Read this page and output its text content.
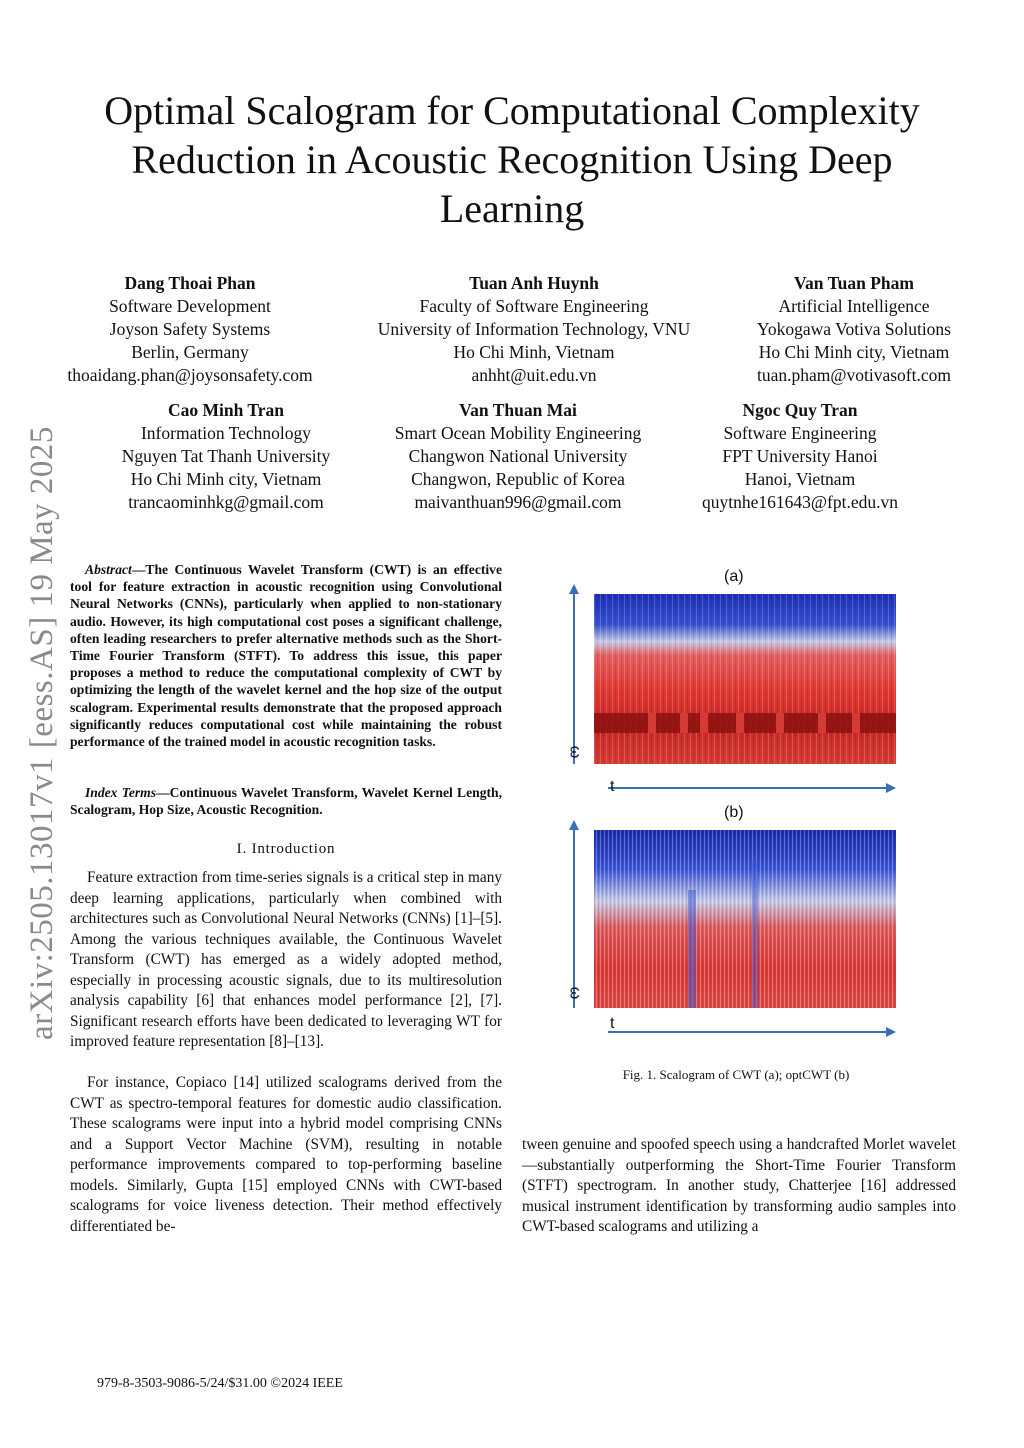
Optimal Scalogram for Computational Complexity Reduction in Acoustic Recognition Using Deep Learning
Dang Thoai Phan
Software Development
Joyson Safety Systems
Berlin, Germany
thoaidang.phan@joysonsafety.com
Tuan Anh Huynh
Faculty of Software Engineering
University of Information Technology, VNU
Ho Chi Minh, Vietnam
anhht@uit.edu.vn
Van Tuan Pham
Artificial Intelligence
Yokogawa Votiva Solutions
Ho Chi Minh city, Vietnam
tuan.pham@votivasoft.com
Cao Minh Tran
Information Technology
Nguyen Tat Thanh University
Ho Chi Minh city, Vietnam
trancaominhkg@gmail.com
Van Thuan Mai
Smart Ocean Mobility Engineering
Changwon National University
Changwon, Republic of Korea
maivanthuan996@gmail.com
Ngoc Quy Tran
Software Engineering
FPT University Hanoi
Hanoi, Vietnam
quytnhe161643@fpt.edu.vn
arXiv:2505.13017v1 [eess.AS] 19 May 2025	Abstract—The Continuous Wavelet Transform (CWT) is an effective tool for feature extraction in acoustic recognition using Convolutional Neural Networks (CNNs), particularly when applied to non-stationary audio. However, its high computational cost poses a significant challenge, often leading researchers to prefer alternative methods such as the Short-Time Fourier Transform (STFT). To address this issue, this paper proposes a method to reduce the computational complexity of CWT by optimizing the length of the wavelet kernel and the hop size of the output scalogram. Experimental results demonstrate that the proposed approach significantly reduces computational cost while maintaining the robust performance of the trained model in acoustic recognition tasks.
Index Terms—Continuous Wavelet Transform, Wavelet Kernel Length, Scalogram, Hop Size, Acoustic Recognition.
I. Introduction
Feature extraction from time-series signals is a critical step in many deep learning applications, particularly when combined with architectures such as Convolutional Neural Networks (CNNs) [1]–[5]. Among the various techniques available, the Continuous Wavelet Transform (CWT) has emerged as a widely adopted method, especially in processing acoustic signals, due to its multiresolution analysis capability [6] that enhances model performance [2], [7]. Significant research efforts have been dedicated to leveraging WT for improved feature representation [8]–[13].
For instance, Copiaco [14] utilized scalograms derived from the CWT as spectro-temporal features for domestic audio classification. These scalograms were input into a hybrid model comprising CNNs and a Support Vector Machine (SVM), resulting in notable performance improvements compared to top-performing baseline models. Similarly, Gupta [15] employed CNNs with CWT-based scalograms for voice liveness detection. Their method effectively differentiated be-
tween genuine and spoofed speech using a handcrafted Morlet wavelet—substantially outperforming the Short-Time Fourier Transform (STFT) spectrogram. In another study, Chatterjee [16] addressed musical instrument identification by transforming audio samples into CWT-based scalograms and utilizing a
(a)
(b)
ω
t
ω
t
Fig. 1. Scalogram of CWT (a); optCWT (b)
979-8-3503-9086-5/24/$31.00 ©2024 IEEE
